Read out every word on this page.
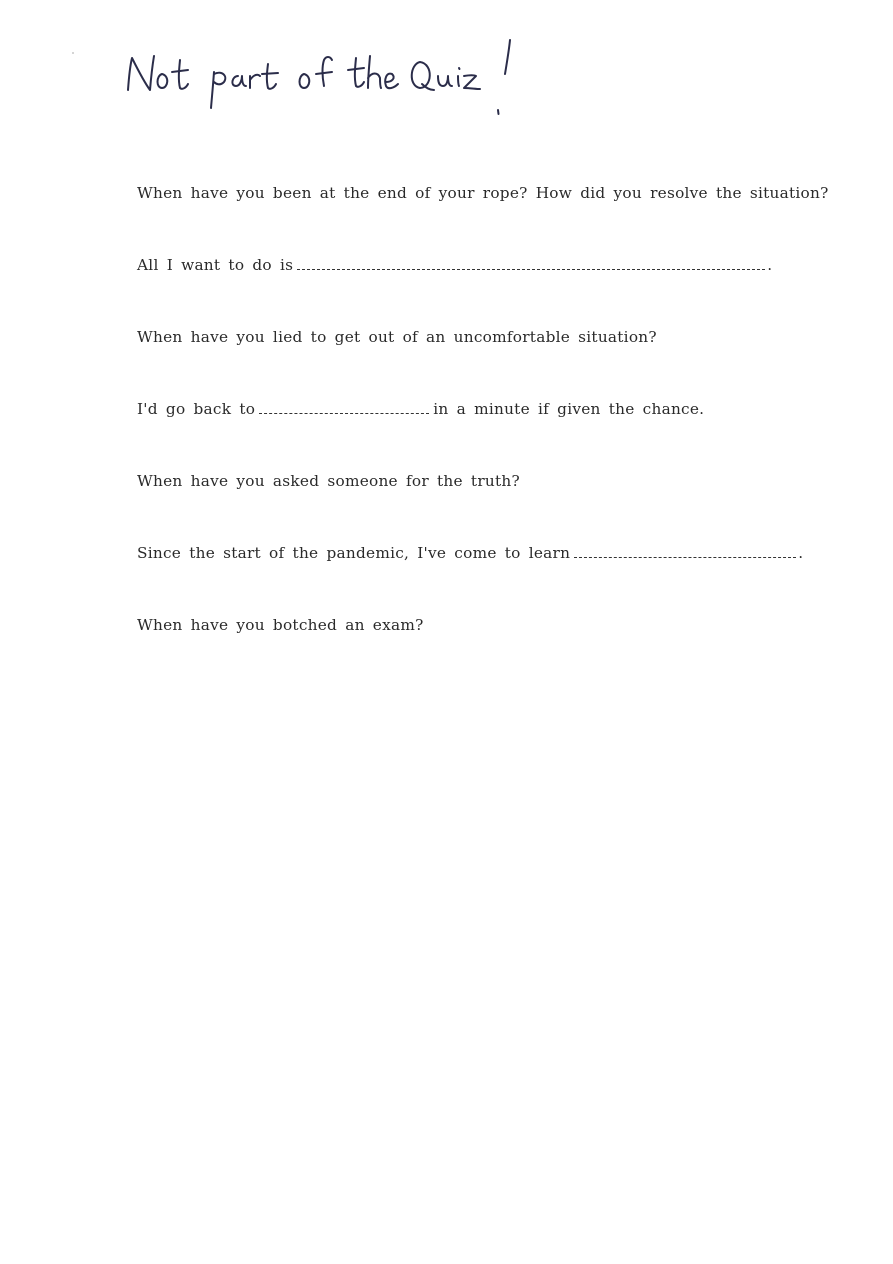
When have you been at the end of your rope? How did you resolve the situation?
All I want to do is	.
When have you lied to get out of an uncomfortable situation?
I'd go back to	in a minute if given the chance.
When have you asked someone for the truth?
Since the start of the pandemic, I've come to learn	.
When have you botched an exam?
